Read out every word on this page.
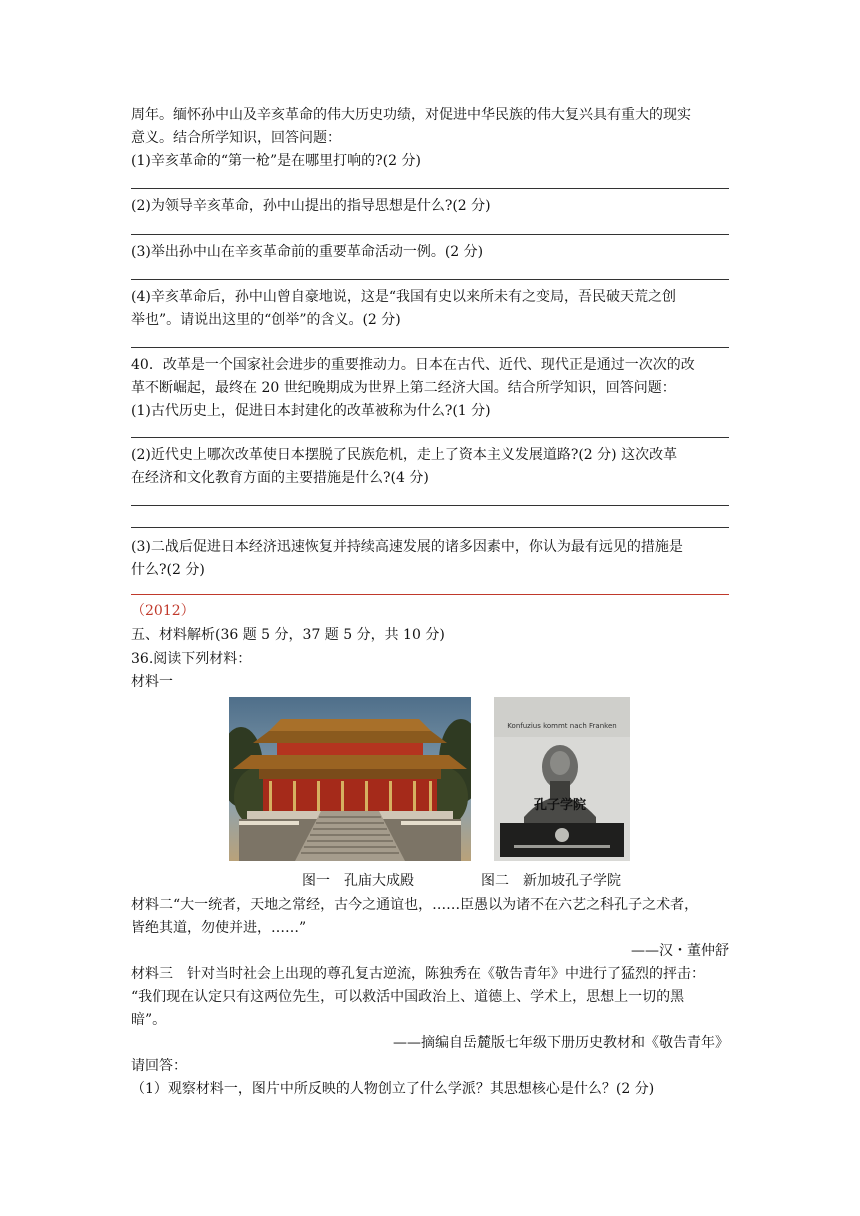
周年。缅怀孙中山及辛亥革命的伟大历史功绩，对促进中华民族的伟大复兴具有重大的现实
意义。结合所学知识，回答问题：
(1)辛亥革命的“第一枪”是在哪里打响的?(2 分)
(2)为领导辛亥革命，孙中山提出的指导思想是什么?(2 分)
(3)举出孙中山在辛亥革命前的重要革命活动一例。(2 分)
(4)辛亥革命后，孙中山曾自豪地说，这是“我国有史以来所未有之变局，吾民破天荒之创
举也”。请说出这里的“创举”的含义。(2 分)
40．改革是一个国家社会进步的重要推动力。日本在古代、近代、现代正是通过一次次的改
革不断崛起，最终在 20 世纪晚期成为世界上第二经济大国。结合所学知识，回答问题：
(1)古代历史上，促进日本封建化的改革被称为什么?(1 分)
(2)近代史上哪次改革使日本摆脱了民族危机，走上了资本主义发展道路?(2 分) 这次改革
在经济和文化教育方面的主要措施是什么?(4 分)
(3)二战后促进日本经济迅速恢复并持续高速发展的诸多因素中，你认为最有远见的措施是
什么?(2 分)
（2012）
五、材料解析(36 题 5 分，37 题 5 分，共 10 分)
36.阅读下列材料：
材料一
Konfuzius kommt nach Franken
孔子学院
图一　孔庙大成殿	图二　新加坡孔子学院
材料二“大一统者，天地之常经，古今之通谊也，……臣愚以为诸不在六艺之科孔子之术者，
皆绝其道，勿使并进，……”
——汉・董仲舒
材料三　针对当时社会上出现的尊孔复古逆流，陈独秀在《敬告青年》中进行了猛烈的抨击：
“我们现在认定只有这两位先生，可以救活中国政治上、道德上、学术上，思想上一切的黑
暗”。
——摘编自岳麓版七年级下册历史教材和《敬告青年》
请回答：
（1）观察材料一，图片中所反映的人物创立了什么学派？其思想核心是什么？(2 分)
